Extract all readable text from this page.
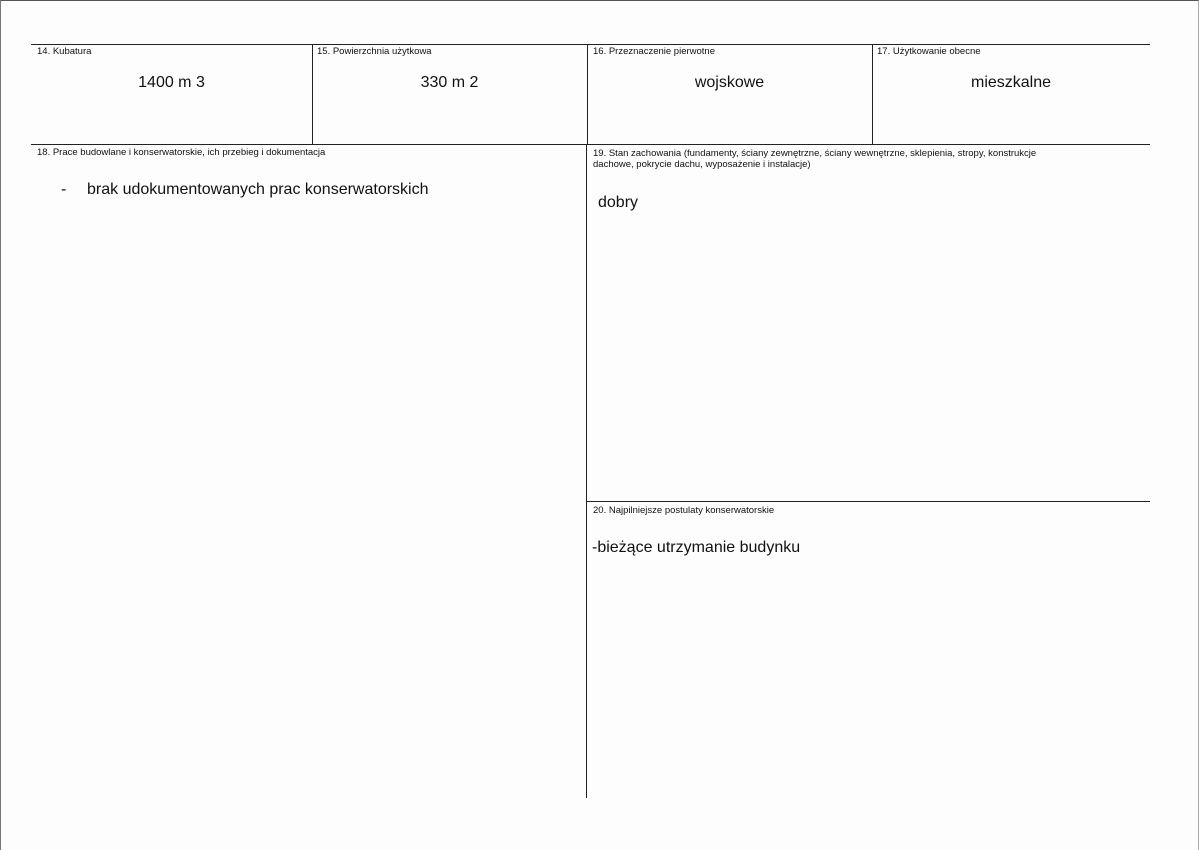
14. Kubatura
1400 m 3
15. Powierzchnia użytkowa
330 m 2
16. Przeznaczenie pierwotne
wojskowe
17. Użytkowanie obecne
mieszkalne
18. Prace budowlane i konserwatorskie, ich przebieg i dokumentacja
- brak udokumentowanych prac konserwatorskich
19. Stan zachowania (fundamenty, ściany zewnętrzne, ściany wewnętrzne, sklepienia, stropy, konstrukcje dachowe, pokrycie dachu, wyposażenie i instalacje)
dobry
20. Najpilniejsze postulaty konserwatorskie
-bieżące utrzymanie budynku
